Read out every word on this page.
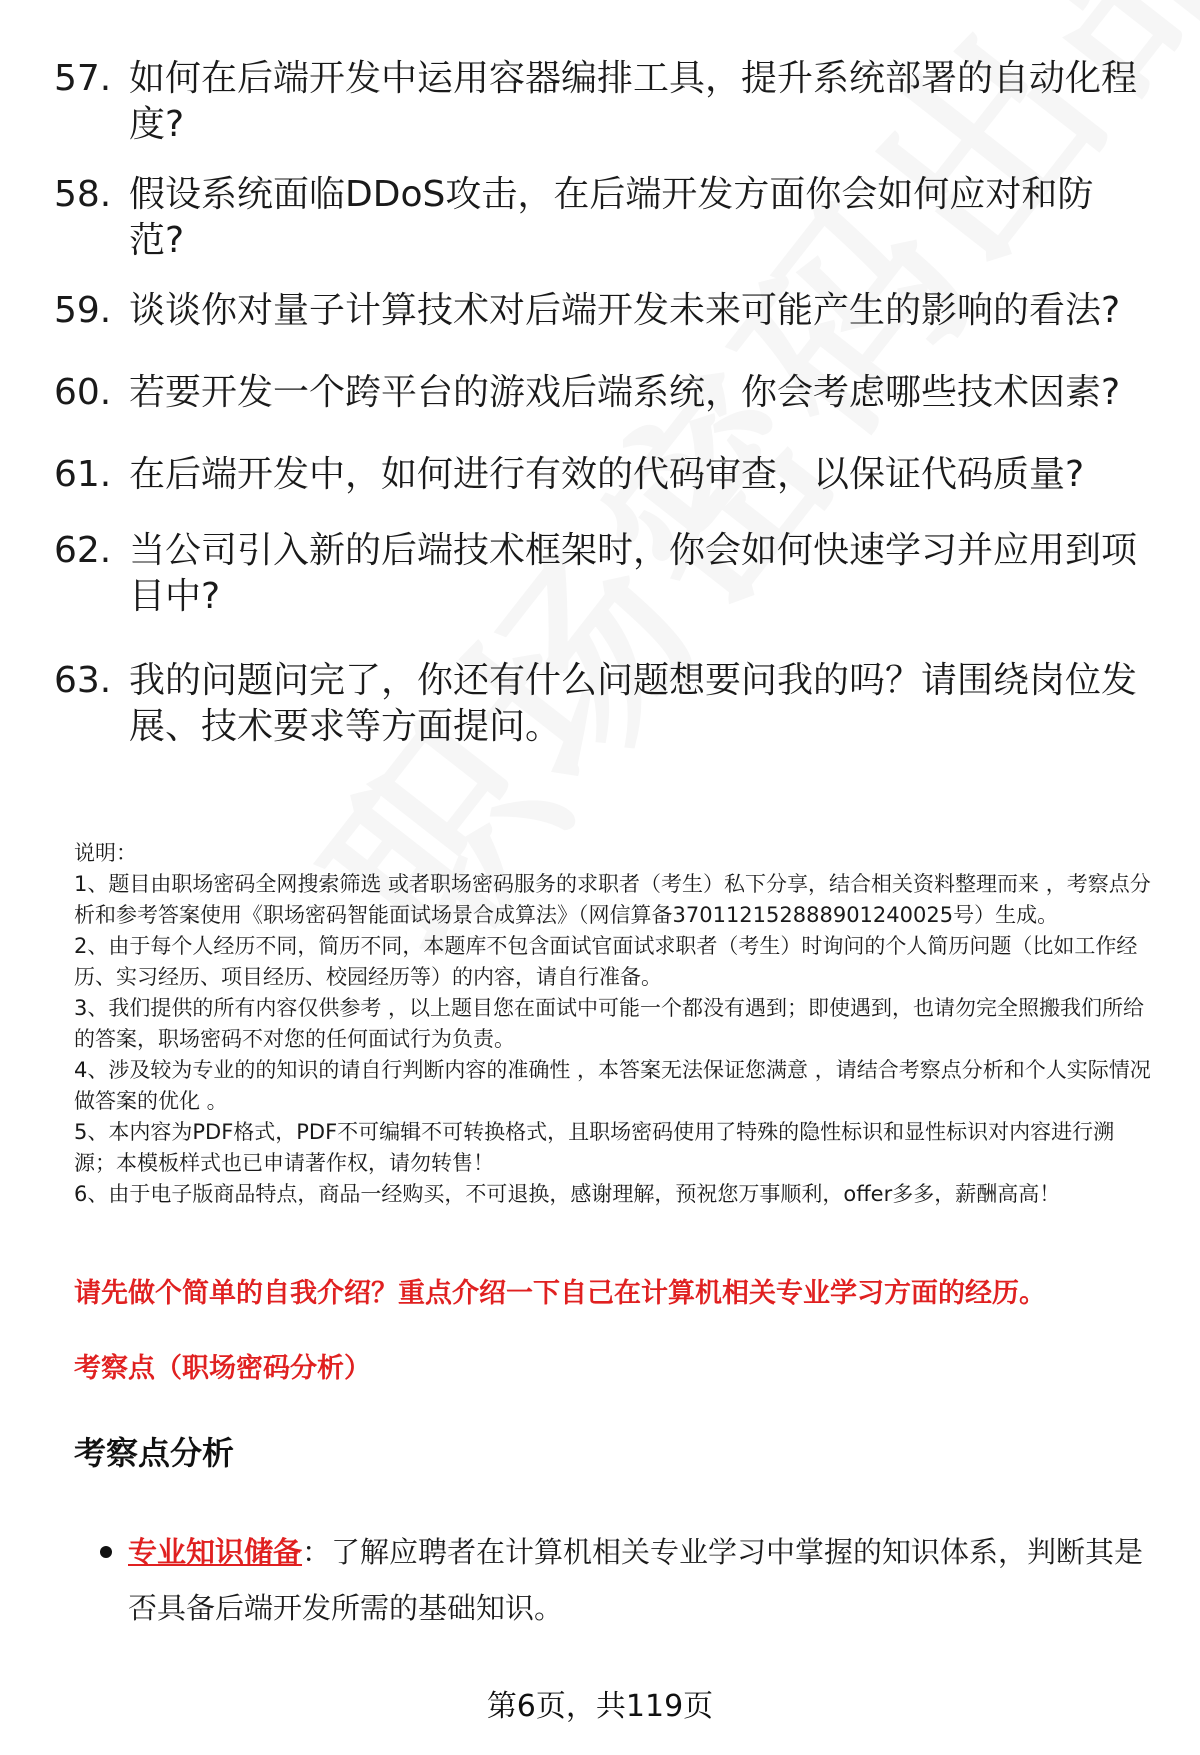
57. 如何在后端开发中运用容器编排工具，提升系统部署的自动化程度?
58. 假设系统面临DDoS攻击，在后端开发方面你会如何应对和防范?
59. 谈谈你对量子计算技术对后端开发未来可能产生的影响的看法?
60. 若要开发一个跨平台的游戏后端系统，你会考虑哪些技术因素?
61. 在后端开发中，如何进行有效的代码审查，以保证代码质量?
62. 当公司引入新的后端技术框架时，你会如何快速学习并应用到项目中?
63. 我的问题问完了，你还有什么问题想要问我的吗？请围绕岗位发展、技术要求等方面提问。

说明：

1、题目由职场密码全网搜索筛选 或者职场密码服务的求职者（考生）私下分享，结合相关资料整理而来 ，考察点分析和参考答案使用《职场密码智能面试场景合成算法》（网信算备370112152888901240025号）生成。

2、由于每个人经历不同，简历不同，本题库不包含面试官面试求职者（考生）时询问的个人简历问题（比如工作经历、实习经历、项目经历、校园经历等）的内容，请自行准备。

3、我们提供的所有内容仅供参考 ，以上题目您在面试中可能一个都没有遇到；即使遇到，也请勿完全照搬我们所给的答案，职场密码不对您的任何面试行为负责。

4、涉及较为专业的的知识的请自行判断内容的准确性 ，本答案无法保证您满意 ，请结合考察点分析和个人实际情况做答案的优化 。

5、本内容为PDF格式，PDF不可编辑不可转换格式，且职场密码使用了特殊的隐性标识和显性标识对内容进行溯源；本模板样式也已申请著作权，请勿转售！

6、由于电子版商品特点，商品一经购买，不可退换，感谢理解，预祝您万事顺利，offer多多，薪酬高高！

请先做个简单的自我介绍？重点介绍一下自己在计算机相关专业学习方面的经历。
考察点（职场密码分析）
考察点分析
专业知识储备：了解应聘者在计算机相关专业学习中掌握的知识体系，判断其是否具备后端开发所需的基础知识。
第6页，共119页
